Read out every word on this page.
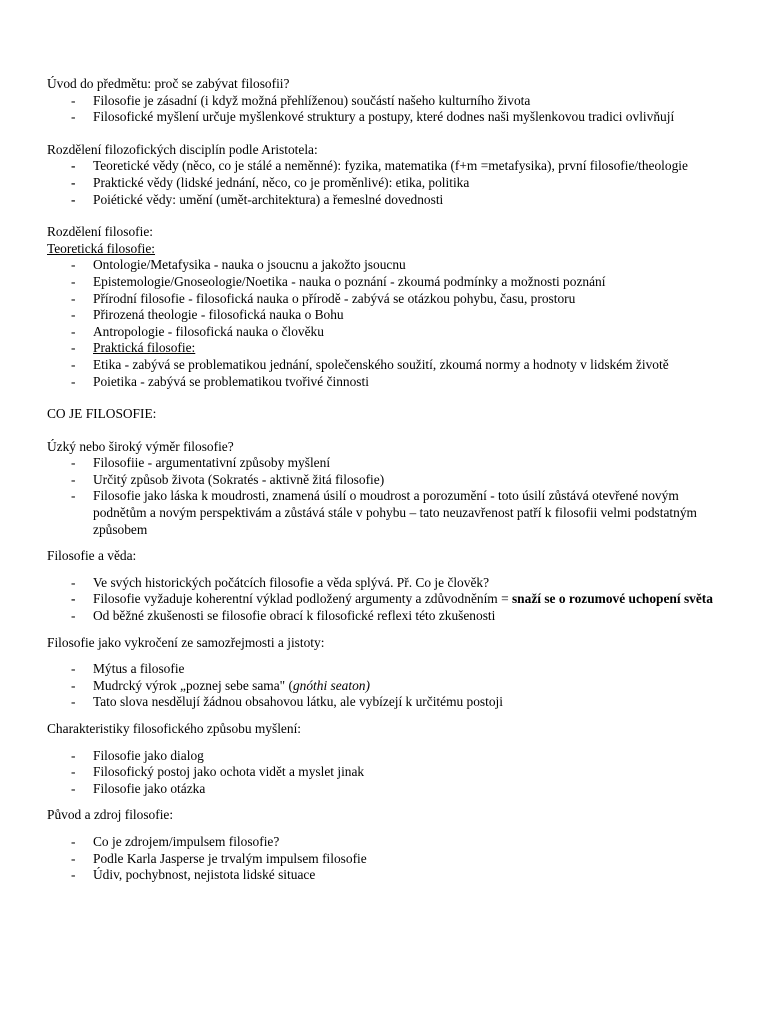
Úvod do předmětu: proč se zabývat filosofii?
-	Filosofie je zásadní (i když možná přehlíženou) součástí našeho kulturního života
-	Filosofické myšlení určuje myšlenkové struktury a postupy, které dodnes naši myšlenkovou tradici ovlivňují
Rozdělení filozofických disciplín podle Aristotela:
-	Teoretické vědy (něco, co je stálé a neměnné): fyzika, matematika (f+m =metafysika), první filosofie/theologie
-	Praktické vědy (lidské jednání, něco, co je proměnlivé): etika, politika
-	Poiétické vědy: umění (umět-architektura) a řemeslné dovednosti
Rozdělení filosofie:
Teoretická filosofie:
-	Ontologie/Metafysika - nauka o jsoucnu a jakožto jsoucnu
-	Epistemologie/Gnoseologie/Noetika - nauka o poznání - zkoumá podmínky a možnosti poznání
-	Přírodní filosofie - filosofická nauka o přírodě - zabývá se otázkou pohybu, času, prostoru
-	Přirozená theologie - filosofická nauka o Bohu
-	Antropologie - filosofická nauka o člověku
-	Praktická filosofie:
-	Etika - zabývá se problematikou jednání, společenského soužití, zkoumá normy a hodnoty v lidském životě
-	Poietika - zabývá se problematikou tvořivé činnosti
CO JE FILOSOFIE:
Úzký nebo široký výměr filosofie?
-	Filosofiie - argumentativní způsoby myšlení
-	Určitý způsob života (Sokratés - aktivně žitá filosofie)
-	Filosofie jako láska k moudrosti, znamená úsilí o moudrost a porozumění - toto úsilí zůstává otevřené novým podnětům a novým perspektivám a zůstává stále v pohybu – tato neuzavřenost patří k filosofii velmi podstatným způsobem
Filosofie a věda:
-	Ve svých historických počátcích filosofie a věda splývá. Př. Co je člověk?
-	Filosofie vyžaduje koherentní výklad podložený argumenty a zdůvodněním = snaží se o rozumové uchopení světa
-	Od běžné zkušenosti se filosofie obrací k filosofické reflexi této zkušenosti
Filosofie jako vykročení ze samozřejmosti a jistoty:
-	Mýtus a filosofie
-	Mudrcký výrok „poznej sebe sama" (gnóthi seaton)
-	Tato slova nesdělují žádnou obsahovou látku, ale vybízejí k určitému postoji
Charakteristiky filosofického způsobu myšlení:
-	Filosofie jako dialog
-	Filosofický postoj jako ochota vidět a myslet jinak
-	Filosofie jako otázka
Původ a zdroj filosofie:
-	Co je zdrojem/impulsem filosofie?
-	Podle Karla Jasperse je trvalým impulsem filosofie
-	Údiv, pochybnost, nejistota lidské situace
